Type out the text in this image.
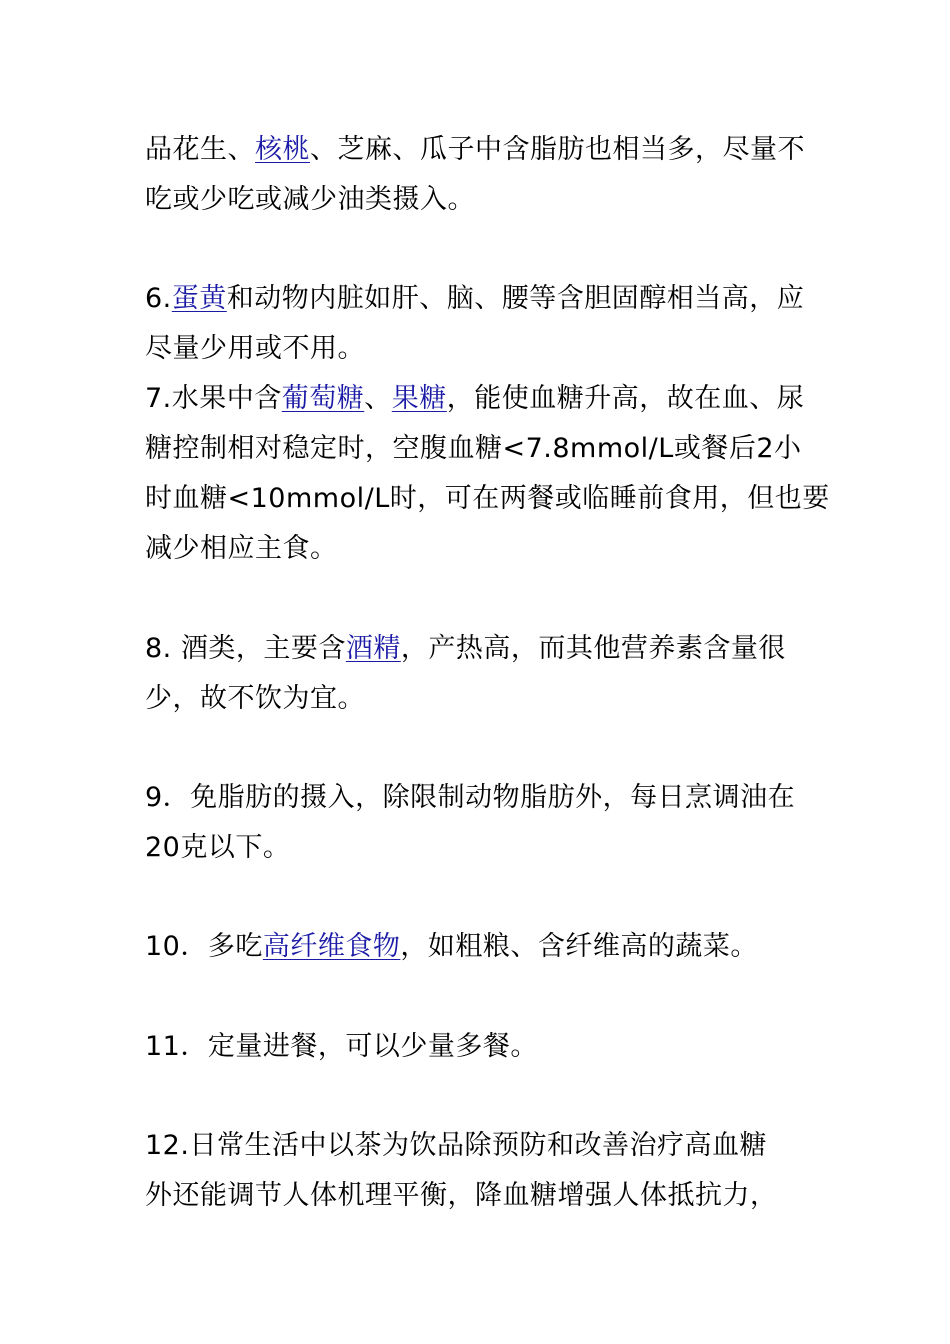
品花生、核桃、芝麻、瓜子中含脂肪也相当多，尽量不
吃或少吃或减少油类摄入。
6.蛋黄和动物内脏如肝、脑、腰等含胆固醇相当高，应
尽量少用或不用。
7.水果中含葡萄糖、果糖，能使血糖升高，故在血、尿
糖控制相对稳定时，空腹血糖<7.8mmol/L或餐后2小
时血糖<10mmol/L时，可在两餐或临睡前食用，但也要
减少相应主食。
8. 酒类，主要含酒精，产热高，而其他营养素含量很
少，故不饮为宜。
9．免脂肪的摄入，除限制动物脂肪外，每日烹调油在
20克以下。
10．多吃高纤维食物，如粗粮、含纤维高的蔬菜。
11．定量进餐，可以少量多餐。
12.日常生活中以茶为饮品除预防和改善治疗高血糖
外还能调节人体机理平衡，降血糖增强人体抵抗力，
